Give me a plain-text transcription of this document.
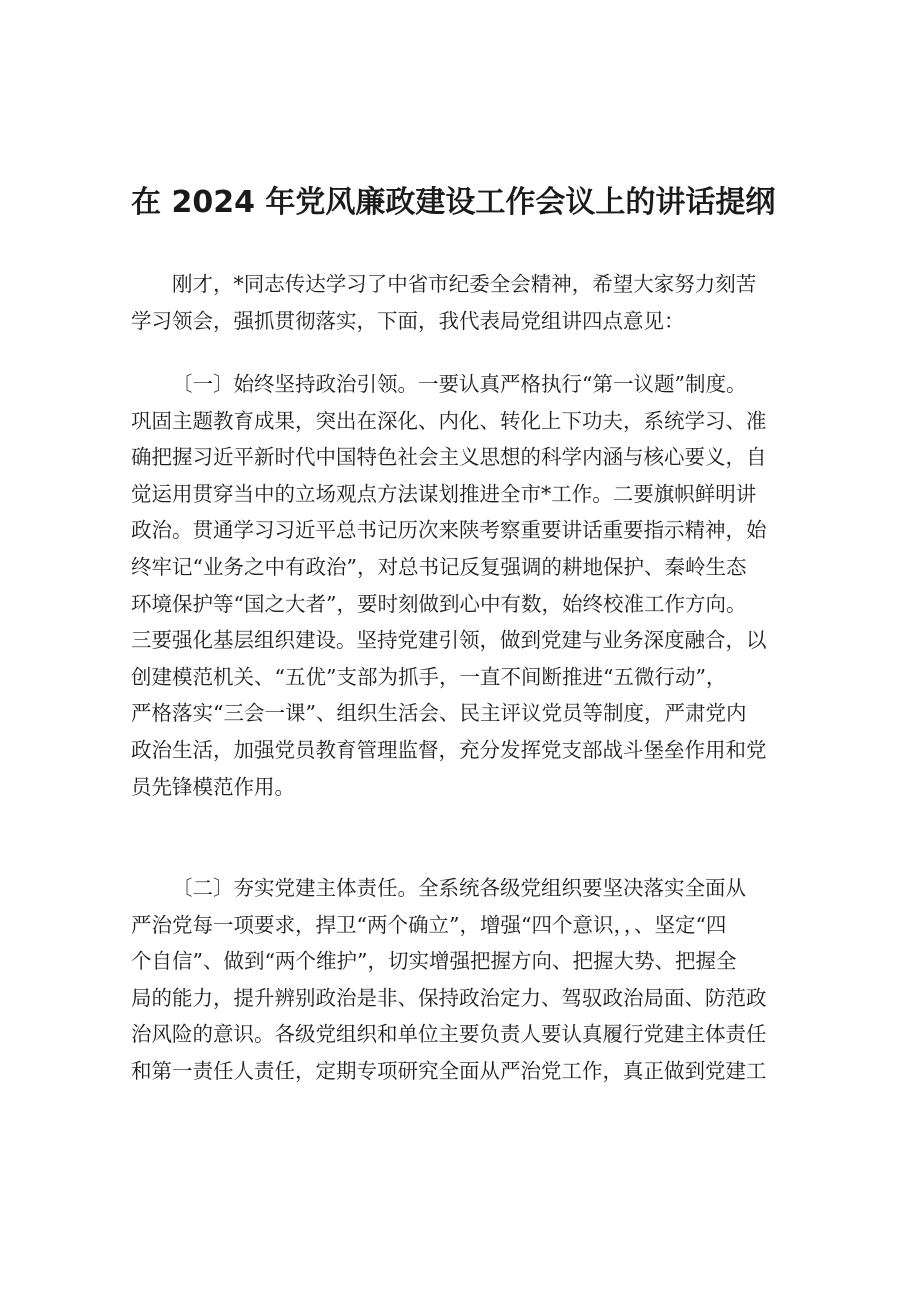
在 2024 年党风廉政建设工作会议上的讲话提纲
刚才，*同志传达学习了中省市纪委全会精神，希望大家努力刻苦
学习领会，强抓贯彻落实，下面，我代表局党组讲四点意见：
〔一〕始终坚持政治引领。一要认真严格执行“第一议题”制度。
巩固主题教育成果，突出在深化、内化、转化上下功夫，系统学习、准
确把握习近平新时代中国特色社会主义思想的科学内涵与核心要义，自
觉运用贯穿当中的立场观点方法谋划推进全市*工作。二要旗帜鲜明讲
政治。贯通学习习近平总书记历次来陕考察重要讲话重要指示精神，始
终牢记“业务之中有政治”，对总书记反复强调的耕地保护、秦岭生态
环境保护等“国之大者”，要时刻做到心中有数，始终校准工作方向。
三要强化基层组织建设。坚持党建引领，做到党建与业务深度融合，以
创建模范机关、“五优”支部为抓手，一直不间断推进“五微行动”，
严格落实“三会一课”、组织生活会、民主评议党员等制度，严肃党内
政治生活，加强党员教育管理监督，充分发挥党支部战斗堡垒作用和党
员先锋模范作用。
〔二〕夯实党建主体责任。全系统各级党组织要坚决落实全面从
严治党每一项要求，捍卫“两个确立”，增强“四个意识，，、坚定“四
个自信”、做到“两个维护”，切实增强把握方向、把握大势、把握全
局的能力，提升辨别政治是非、保持政治定力、驾驭政治局面、防范政
治风险的意识。各级党组织和单位主要负责人要认真履行党建主体责任
和第一责任人责任，定期专项研究全面从严治党工作，真正做到党建工
